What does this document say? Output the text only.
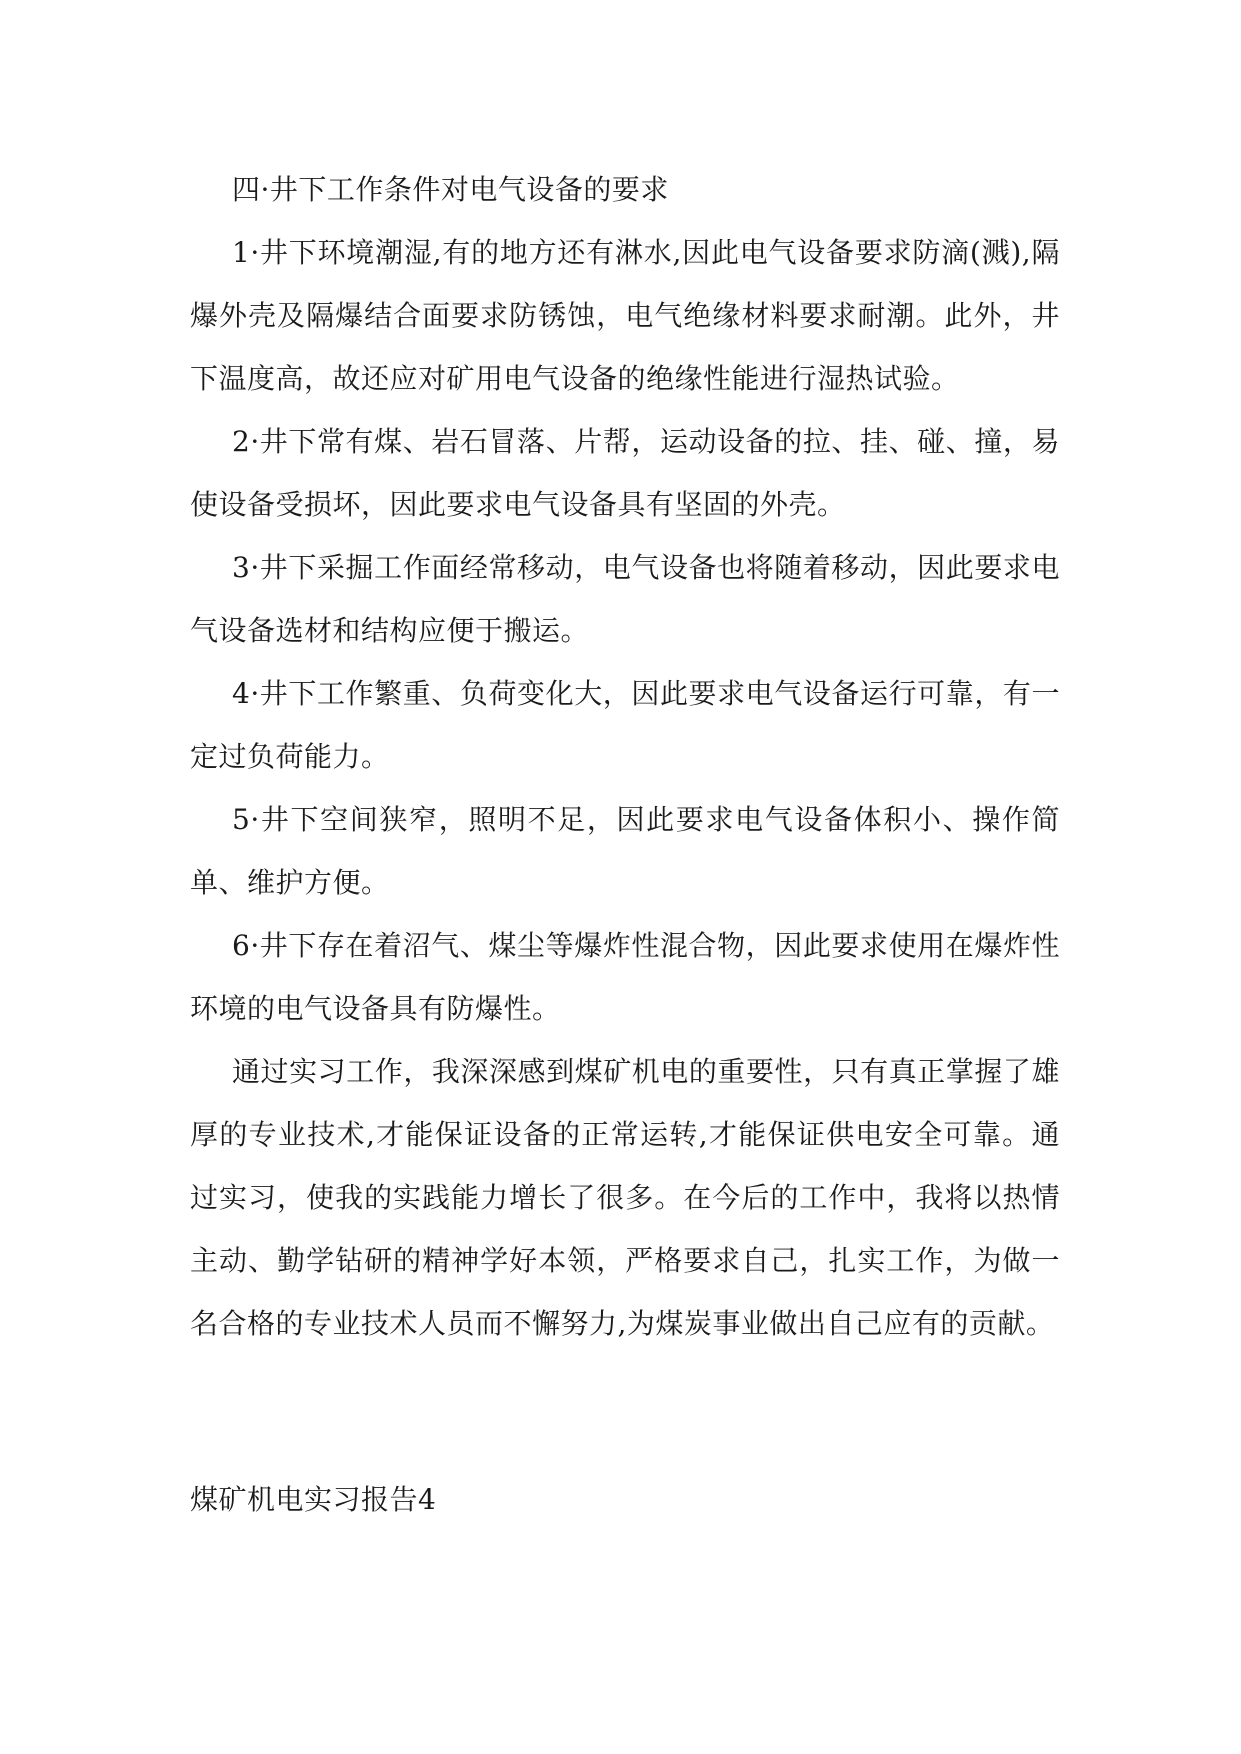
四·井下工作条件对电气设备的要求

1·井下环境潮湿,有的地方还有淋水,因此电气设备要求防滴(溅),隔爆外壳及隔爆结合面要求防锈蚀，电气绝缘材料要求耐潮。此外，井下温度高，故还应对矿用电气设备的绝缘性能进行湿热试验。

2·井下常有煤、岩石冒落、片帮，运动设备的拉、挂、碰、撞，易使设备受损坏，因此要求电气设备具有坚固的外壳。

3·井下采掘工作面经常移动，电气设备也将随着移动，因此要求电气设备选材和结构应便于搬运。

4·井下工作繁重、负荷变化大，因此要求电气设备运行可靠，有一定过负荷能力。

5·井下空间狭窄，照明不足，因此要求电气设备体积小、操作简单、维护方便。

6·井下存在着沼气、煤尘等爆炸性混合物，因此要求使用在爆炸性环境的电气设备具有防爆性。

通过实习工作，我深深感到煤矿机电的重要性，只有真正掌握了雄厚的专业技术,才能保证设备的正常运转,才能保证供电安全可靠。通过实习，使我的实践能力增长了很多。在今后的工作中，我将以热情主动、勤学钻研的精神学好本领，严格要求自己，扎实工作，为做一名合格的专业技术人员而不懈努力,为煤炭事业做出自己应有的贡献。

煤矿机电实习报告4
